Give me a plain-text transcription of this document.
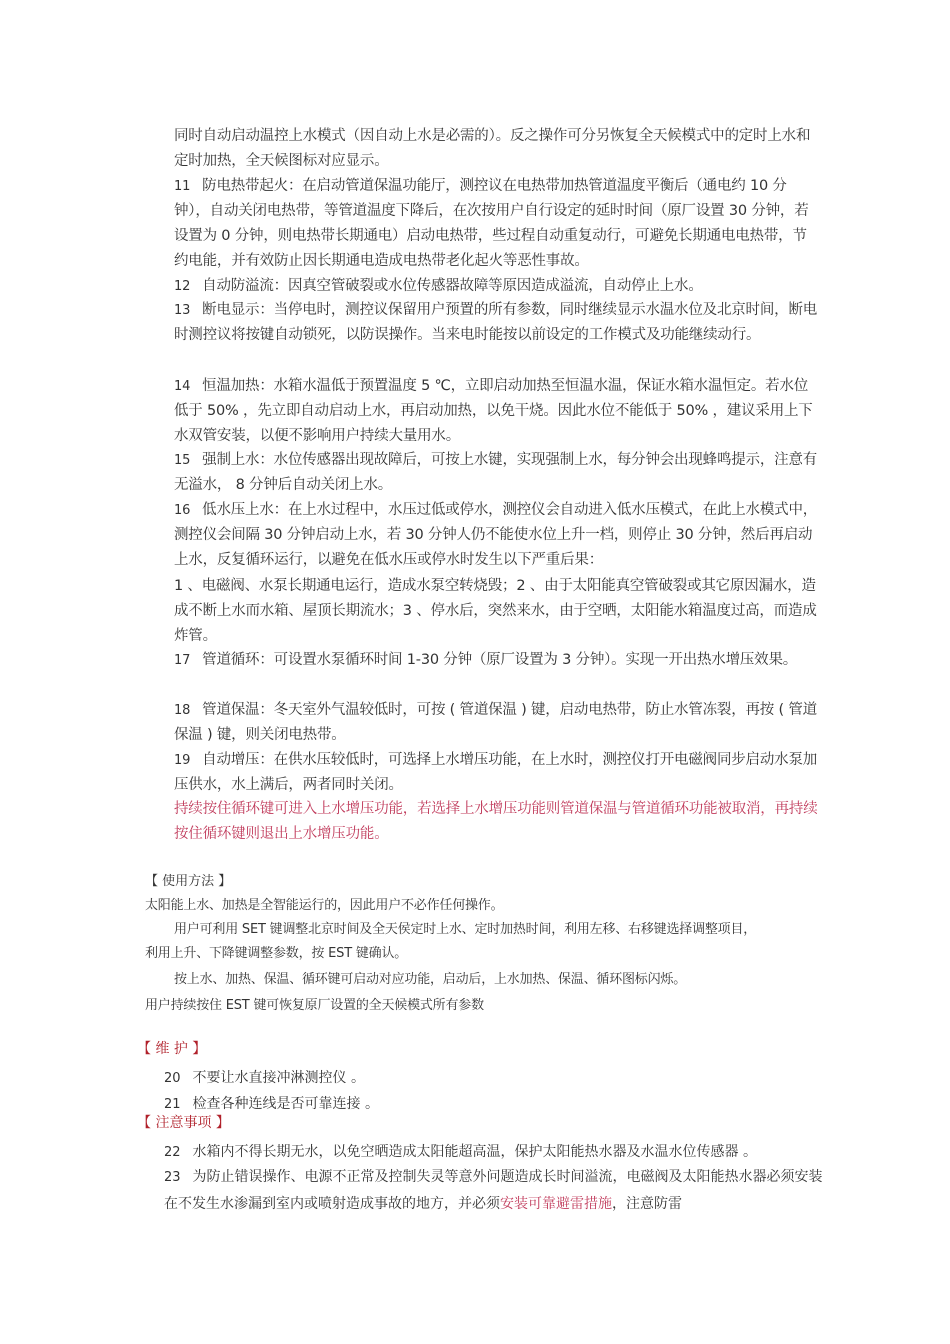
同时自动启动温控上水模式（因自动上水是必需的）。反之操作可分另恢复全天候模式中的定时上水和定时加热，全天候图标对应显示。
11 防电热带起火：在启动管道保温功能厅，测控议在电热带加热管道温度平衡后（通电约 10 分钟），自动关闭电热带，等管道温度下降后，在次按用户自行设定的延时时间（原厂设置 30 分钟，若设置为 0 分钟，则电热带长期通电）启动电热带，些过程自动重复动行，可避免长期通电电热带，节约电能，并有效防止因长期通电造成电热带老化起火等恶性事故。
12 自动防溢流：因真空管破裂或水位传感器故障等原因造成溢流，自动停止上水。
13 断电显示：当停电时，测控议保留用户预置的所有参数，同时继续显示水温水位及北京时间，断电时测控议将按键自动锁死，以防误操作。当来电时能按以前设定的工作模式及功能继续动行。
14 恒温加热：水箱水温低于预置温度 5 ℃，立即启动加热至恒温水温，保证水箱水温恒定。若水位低于 50% ，先立即自动启动上水，再启动加热，以免干烧。因此水位不能低于 50% ，建议采用上下水双管安装，以便不影响用户持续大量用水。
15 强制上水：水位传感器出现故障后，可按上水键，实现强制上水，每分钟会出现蜂鸣提示，注意有无溢水， 8 分钟后自动关闭上水。
16 低水压上水：在上水过程中，水压过低或停水，测控仪会自动进入低水压模式，在此上水模式中，测控仪会间隔 30 分钟启动上水，若 30 分钟人仍不能使水位上升一档，则停止 30 分钟，然后再启动上水，反复循环运行，以避免在低水压或停水时发生以下严重后果：
1 、电磁阀、水泵长期通电运行，造成水泵空转烧毁；2 、由于太阳能真空管破裂或其它原因漏水，造成不断上水而水箱、屋顶长期流水；3 、停水后，突然来水，由于空晒，太阳能水箱温度过高，而造成炸管。
17 管道循环：可设置水泵循环时间 1-30 分钟（原厂设置为 3 分钟）。实现一开出热水增压效果。
18 管道保温：冬天室外气温较低时，可按 ( 管道保温 ) 键，启动电热带，防止水管冻裂，再按 ( 管道保温 ) 键，则关闭电热带。
19 自动增压：在供水压较低时，可选择上水增压功能，在上水时，测控仪打开电磁阀同步启动水泵加压供水，水上满后，两者同时关闭。
持续按住循环键可进入上水增压功能，若选择上水增压功能则管道保温与管道循环功能被取消，再持续按住循环键则退出上水增压功能。
【 使用方法 】
太阳能上水、加热是全智能运行的，因此用户不必作任何操作。
用户可利用 SET 键调整北京时间及全天侯定时上水、定时加热时间，利用左移、右移键选择调整项目，
利用上升、下降键调整参数，按 EST 键确认。
按上水、加热、保温、循环键可启动对应功能，启动后，上水加热、保温、循环图标闪烁。
用户持续按住 EST 键可恢复原厂设置的全天候模式所有参数
【 维 护 】
20 不要让水直接冲淋测控仪 。
21 检查各种连线是否可靠连接 。
【 注意事项 】
22 水箱内不得长期无水，以免空晒造成太阳能超高温，保护太阳能热水器及水温水位传感器 。
23 为防止错误操作、电源不正常及控制失灵等意外问题造成长时间溢流，电磁阀及太阳能热水器必须安装在不发生水渗漏到室内或喷射造成事故的地方，并必须安装可靠避雷措施，注意防雷
